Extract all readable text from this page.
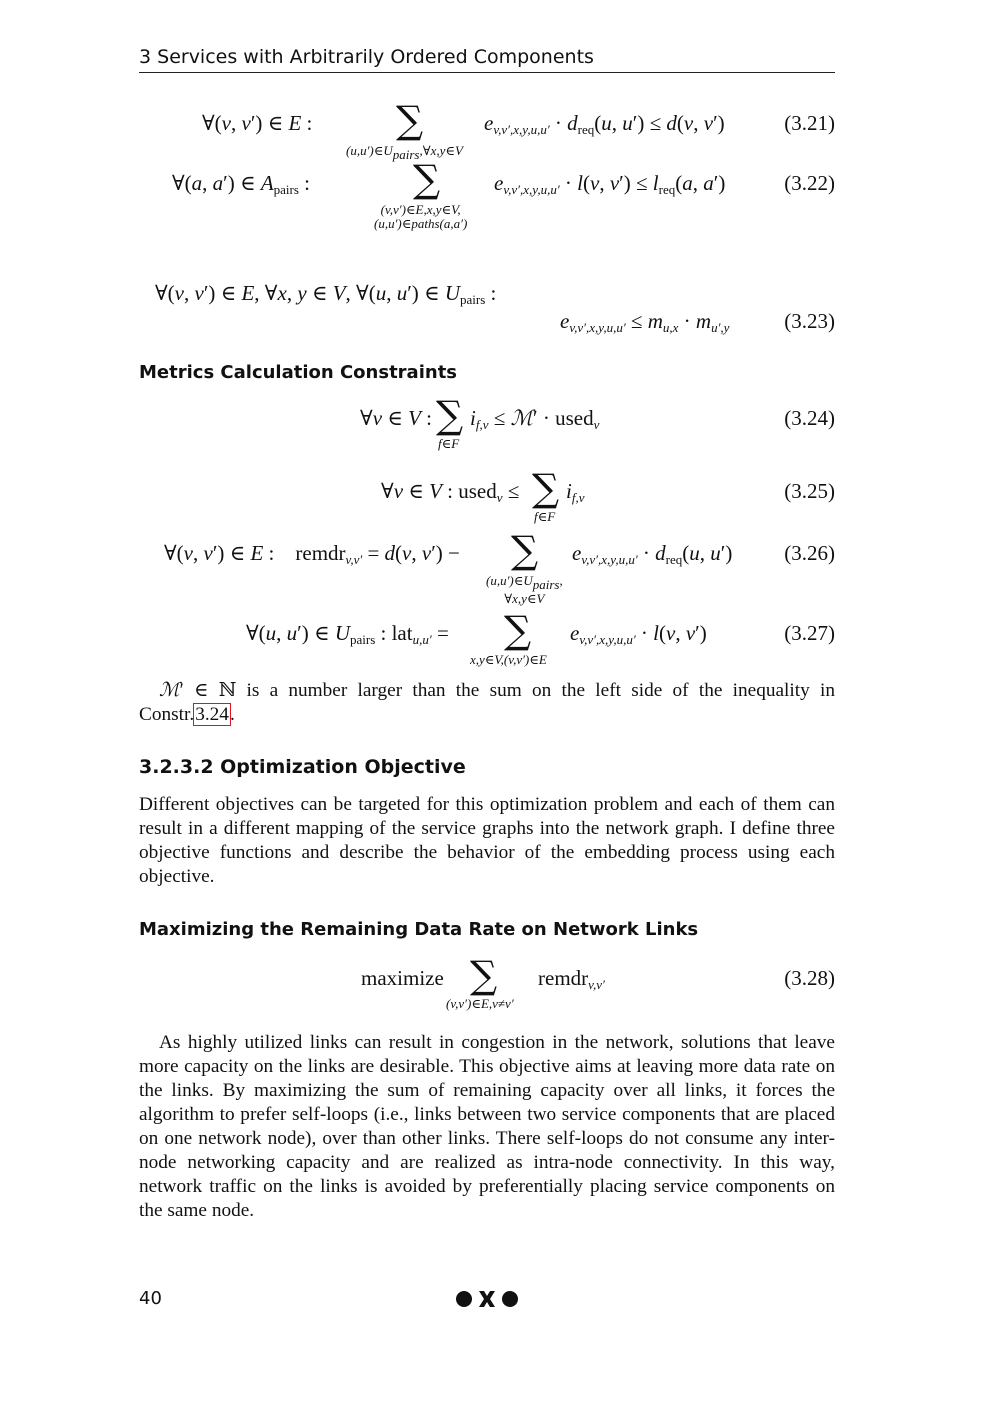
3 Services with Arbitrarily Ordered Components
∀(v, v′) ∈ E : ∑
$(u,u')\in U_{pairs},\forall x,y\in V$
$e_{v,v',x,y,u,u'} \cdot d_{req}(u$, u′) ≤ d(v, v′)	(3.21)
∀(a, a′) ∈ $A_{pairs}$ :	∑
(v,v′)∈E,x,y∈V,
(u,u′)∈paths(a,a′)
$e_{v,v',x,y,u,u'} \cdot l(v$, $v') \le l_{req}(a$, a′)	(3.22)
∀(v, v′) ∈ E, ∀x, y ∈ V, ∀(u, u′) ∈ $U_{pairs}$ :
$e_{v,v',x,y,u,u'} \le m_{u,x} \cdot m_{u',y}$	(3.23)
Metrics Calculation Constraints
∀v ∈ V : ∑
f∈F
$i_{f,v}$ ≤ ℳ′ · used$_v$	(3.24)
∀v ∈ V : used$_v$ ≤ ∑
f∈F
$i_{f,v}$	(3.25)
∀(v, v′) ∈ E :    remdr$_{v,v'}$ = d(v, v′) − ∑
$(u,u')\in U_{pairs}$,
∀x,y∈V
$e_{v,v',x,y,u,u'} \cdot d_{req}(u$, u′) (3.26)
∀(u, u′) ∈ $U_{pairs}$ : lat$_{u,u'}$ = ∑
x,y∈V,(v,v′)∈E
$e_{v,v',x,y,u,u'} \cdot l(v$, v′)	(3.27)
ℳ′ ∈ ℕ is a number larger than the sum on the left side of the inequality in Constr.3.24.
3.2.3.2 Optimization Objective
Different objectives can be targeted for this optimization problem and each of them can result in a different mapping of the service graphs into the network graph. I define three objective functions and describe the behavior of the embedding process using each objective.
Maximizing the Remaining Data Rate on Network Links
maximize ∑
(v,v′)∈E,v≠v′
remdr$_{v,v'}$	(3.28)
As highly utilized links can result in congestion in the network, solutions that leave more capacity on the links are desirable. This objective aims at leaving more data rate on the links. By maximizing the sum of remaining capacity over all links, it forces the algorithm to prefer self-loops (i.e., links between two service components that are placed on one network node), over than other links. There self-loops do not consume any inter-node networking capacity and are realized as intra-node connectivity. In this way, network traffic on the links is avoided by preferentially placing service components on the same node.
40
